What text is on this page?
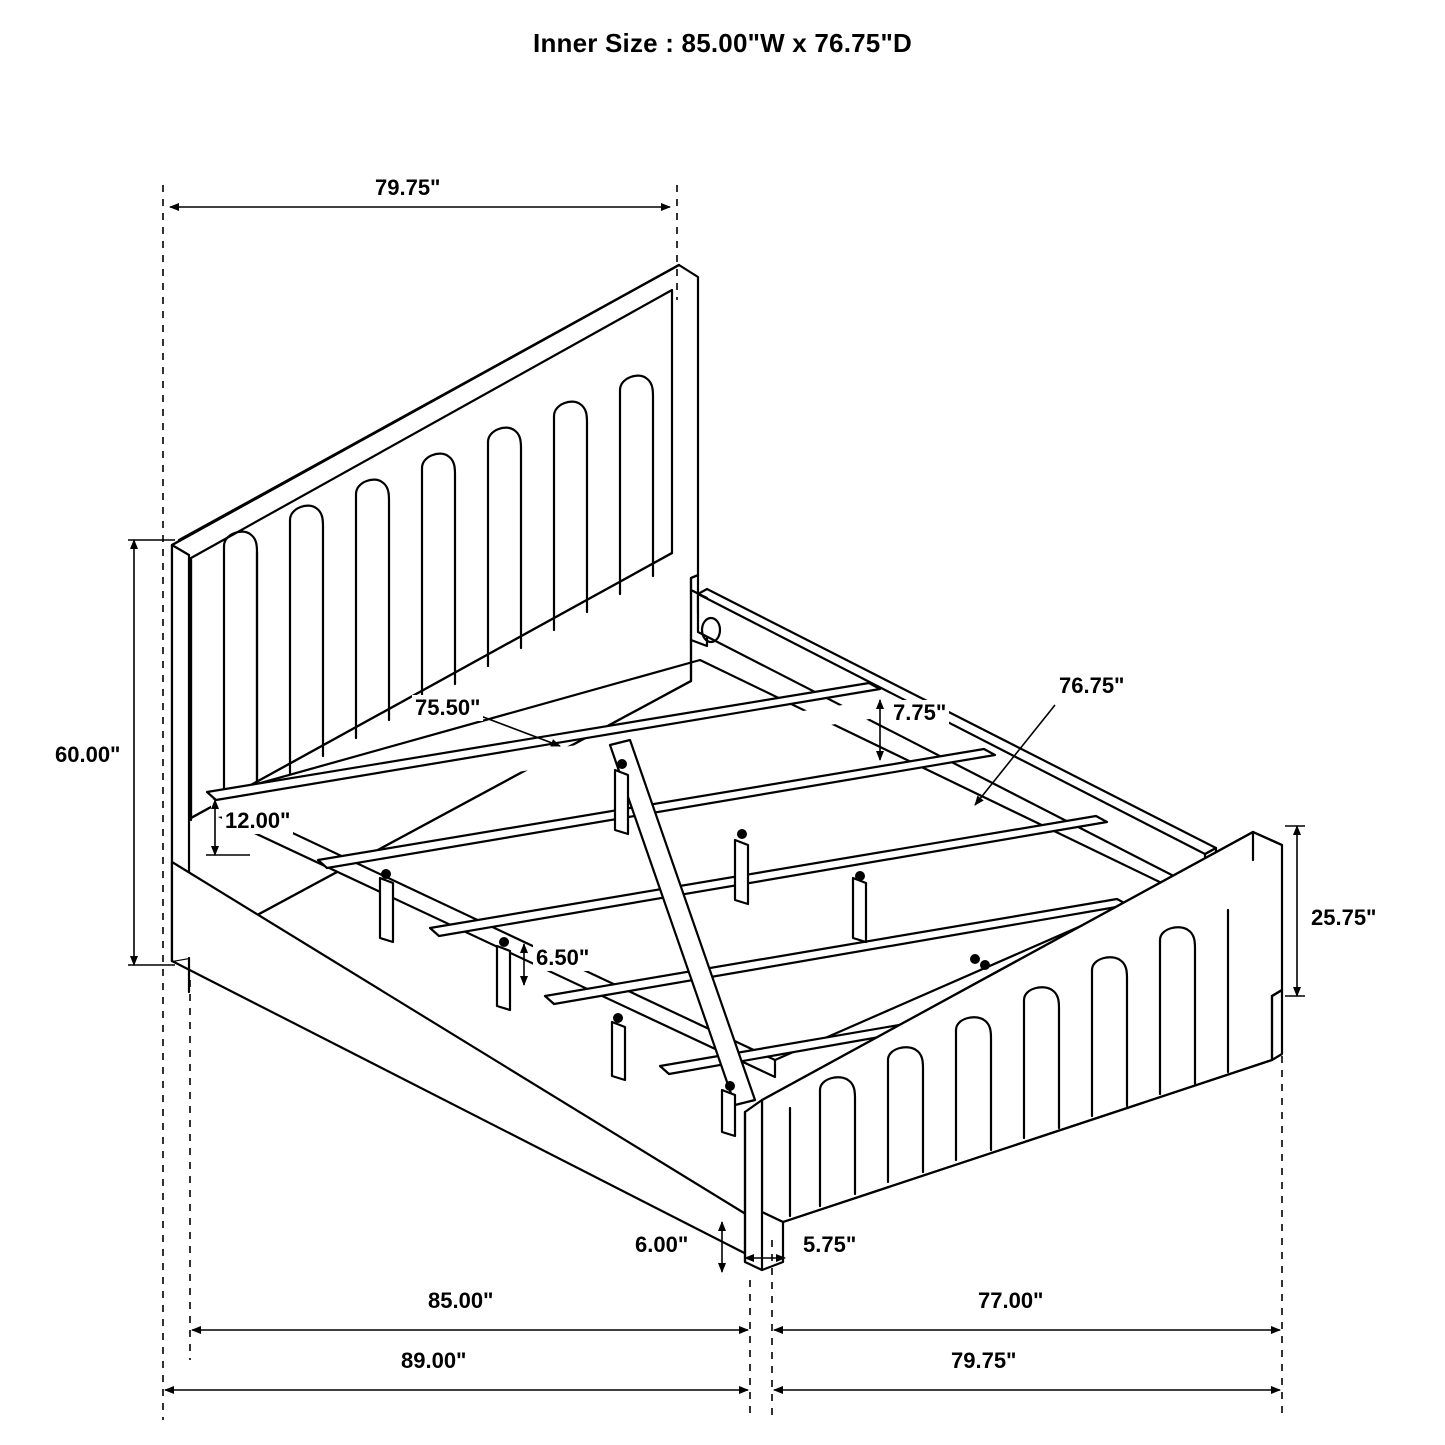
Inner Size : 85.00"W x 76.75"D
79.75"
60.00"
75.50"
12.00"
7.75"
76.75"
6.50"
25.75"
6.00"	5.75"
85.00"	77.00"
89.00"	79.75"
